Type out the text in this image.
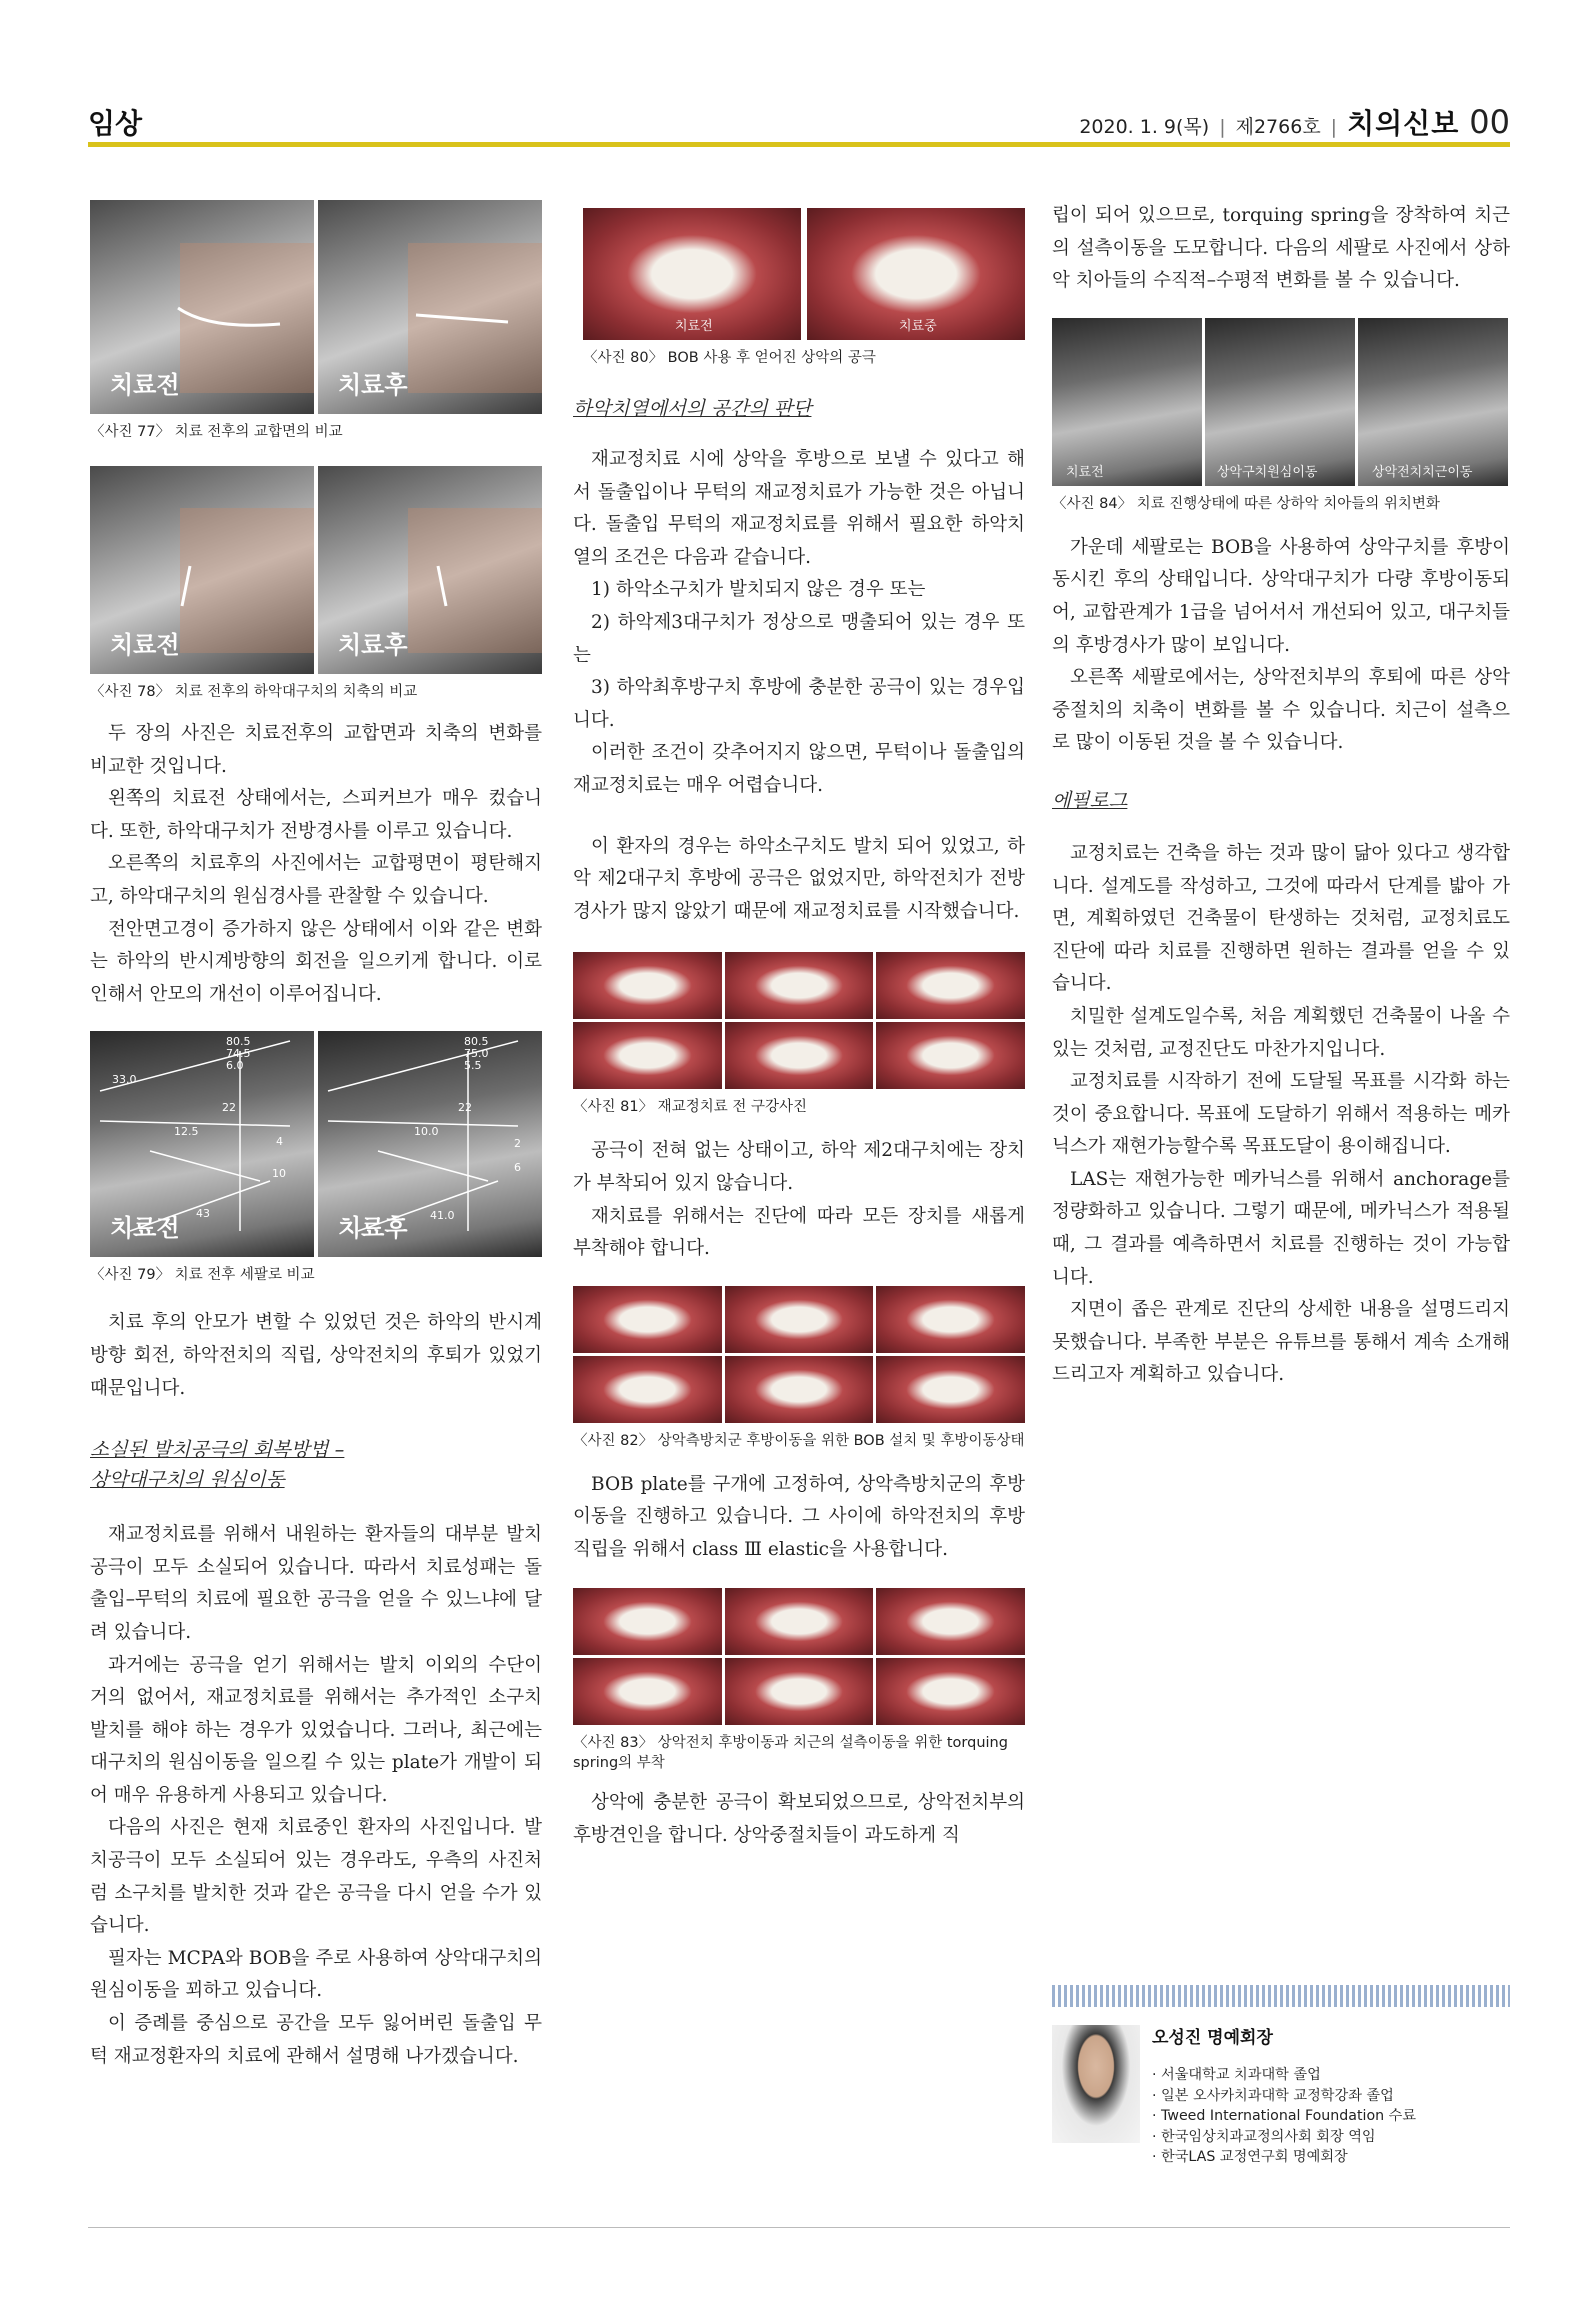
임상	2020. 1. 9(목) | 제2766호 | 치의신보 00
치료전	치료후
〈사진 77〉 치료 전후의 교합면의 비교
치료전	치료후
〈사진 78〉 치료 전후의 하악대구치의 치축의 비교

두 장의 사진은 치료전후의 교합면과 치축의 변화를 비교한 것입니다.

왼쪽의 치료전 상태에서는, 스피커브가 매우 컸습니다. 또한, 하악대구치가 전방경사를 이루고 있습니다.

오른쪽의 치료후의 사진에서는 교합평면이 평탄해지고, 하악대구치의 원심경사를 관찰할 수 있습니다.

전안면고경이 증가하지 않은 상태에서 이와 같은 변화는 하악의 반시계방향의 회전을 일으키게 합니다. 이로 인해서 안모의 개선이 이루어집니다.

80.5
74.5
6.0
33.0
22
12.5
4
10
43
치료전
80.5
75.0
5.5
22
10.0
2
6
41.0
치료후
〈사진 79〉 치료 전후 세팔로 비교

치료 후의 안모가 변할 수 있었던 것은 하악의 반시계방향 회전, 하악전치의 직립, 상악전치의 후퇴가 있었기 때문입니다.

소실된 발치공극의 회복방법 –
상악대구치의 원심이동

재교정치료를 위해서 내원하는 환자들의 대부분 발치공극이 모두 소실되어 있습니다. 따라서 치료성패는 돌출입–무턱의 치료에 필요한 공극을 얻을 수 있느냐에 달려 있습니다.

과거에는 공극을 얻기 위해서는 발치 이외의 수단이 거의 없어서, 재교정치료를 위해서는 추가적인 소구치 발치를 해야 하는 경우가 있었습니다. 그러나, 최근에는 대구치의 원심이동을 일으킬 수 있는 plate가 개발이 되어 매우 유용하게 사용되고 있습니다.

다음의 사진은 현재 치료중인 환자의 사진입니다. 발치공극이 모두 소실되어 있는 경우라도, 우측의 사진처럼 소구치를 발치한 것과 같은 공극을 다시 얻을 수가 있습니다.

필자는 MCPA와 BOB을 주로 사용하여 상악대구치의 원심이동을 꾀하고 있습니다.

이 증례를 중심으로 공간을 모두 잃어버린 돌출입 무턱 재교정환자의 치료에 관해서 설명해 나가겠습니다.

치료전	치료중
〈사진 80〉 BOB 사용 후 얻어진 상악의 공극
하악치열에서의 공간의 판단

재교정치료 시에 상악을 후방으로 보낼 수 있다고 해서 돌출입이나 무턱의 재교정치료가 가능한 것은 아닙니다. 돌출입 무턱의 재교정치료를 위해서 필요한 하악치열의 조건은 다음과 같습니다.

1) 하악소구치가 발치되지 않은 경우 또는

2) 하악제3대구치가 정상으로 맹출되어 있는 경우 또는

3) 하악최후방구치 후방에 충분한 공극이 있는 경우입니다.

이러한 조건이 갖추어지지 않으면, 무턱이나 돌출입의 재교정치료는 매우 어렵습니다.

이 환자의 경우는 하악소구치도 발치 되어 있었고, 하악 제2대구치 후방에 공극은 없었지만, 하악전치가 전방경사가 많지 않았기 때문에 재교정치료를 시작했습니다.

〈사진 81〉 재교정치료 전 구강사진

공극이 전혀 없는 상태이고, 하악 제2대구치에는 장치가 부착되어 있지 않습니다.

재치료를 위해서는 진단에 따라 모든 장치를 새롭게 부착해야 합니다.

〈사진 82〉 상악측방치군 후방이동을 위한 BOB 설치 및 후방이동상태

BOB plate를 구개에 고정하여, 상악측방치군의 후방이동을 진행하고 있습니다. 그 사이에 하악전치의 후방직립을 위해서 class Ⅲ elastic을 사용합니다.

〈사진 83〉 상악전치 후방이동과 치근의 설측이동을 위한 torquing spring의 부착

상악에 충분한 공극이 확보되었으므로, 상악전치부의 후방견인을 합니다. 상악중절치들이 과도하게 직

립이 되어 있으므로, torquing spring을 장착하여 치근의 설측이동을 도모합니다. 다음의 세팔로 사진에서 상하악 치아들의 수직적–수평적 변화를 볼 수 있습니다.

치료전	상악구치원심이동	상악전치치근이동
〈사진 84〉 치료 진행상태에 따른 상하악 치아들의 위치변화

가운데 세팔로는 BOB을 사용하여 상악구치를 후방이동시킨 후의 상태입니다. 상악대구치가 다량 후방이동되어, 교합관계가 1급을 넘어서서 개선되어 있고, 대구치들의 후방경사가 많이 보입니다.

오른쪽 세팔로에서는, 상악전치부의 후퇴에 따른 상악중절치의 치축이 변화를 볼 수 있습니다. 치근이 설측으로 많이 이동된 것을 볼 수 있습니다.

에필로그

교정치료는 건축을 하는 것과 많이 닮아 있다고 생각합니다. 설계도를 작성하고, 그것에 따라서 단계를 밟아 가면, 계획하였던 건축물이 탄생하는 것처럼, 교정치료도 진단에 따라 치료를 진행하면 원하는 결과를 얻을 수 있습니다.

치밀한 설계도일수록, 처음 계획했던 건축물이 나올 수 있는 것처럼, 교정진단도 마찬가지입니다.

교정치료를 시작하기 전에 도달될 목표를 시각화 하는 것이 중요합니다. 목표에 도달하기 위해서 적용하는 메카닉스가 재현가능할수록 목표도달이 용이해집니다.

LAS는 재현가능한 메카닉스를 위해서 anchorage를 정량화하고 있습니다. 그렇기 때문에, 메카닉스가 적용될 때, 그 결과를 예측하면서 치료를 진행하는 것이 가능합니다.

지면이 좁은 관계로 진단의 상세한 내용을 설명드리지 못했습니다. 부족한 부분은 유튜브를 통해서 계속 소개해 드리고자 계획하고 있습니다.

오성진 명예회장
· 서울대학교 치과대학 졸업
· 일본 오사카치과대학 교정학강좌 졸업
· Tweed International Foundation 수료
· 한국임상치과교정의사회 회장 역임
· 한국LAS 교정연구회 명예회장
